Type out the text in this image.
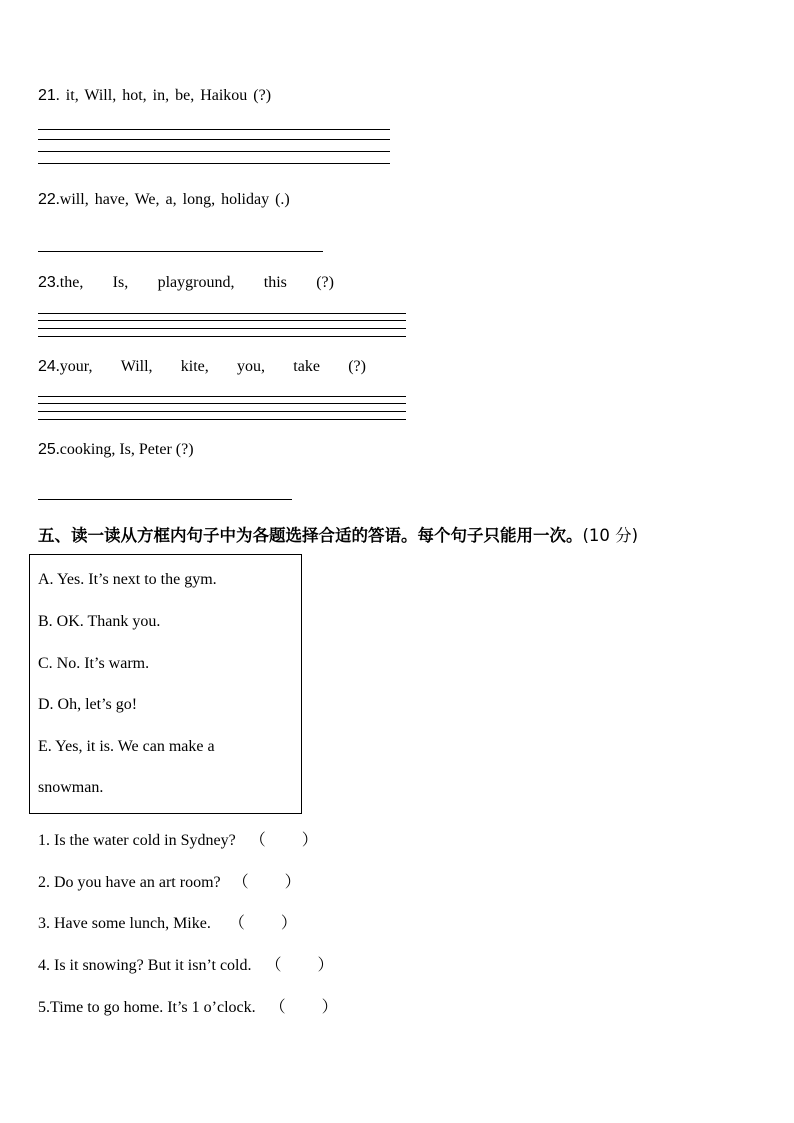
21. it, Will, hot, in, be, Haikou (?)
22.will, have, We, a, long, holiday (.)
23 .the, Is, playground, this (?)
24 .your, Will, kite, you, take (?)
25.cooking, Is, Peter (?)
五、读一读从方框内句子中为各题选择合适的答语。每个句子只能用一次。(10 分)
A. Yes. It’s next to the gym.
B. OK. Thank you.
C. No. It’s warm.
D. Oh, let’s go!
E. Yes, it is. We can make a
snowman.
1. Is the water cold in Sydney? （ ）
2. Do you have an art room? （ ）
3. Have some lunch, Mike. （ ）
4. Is it snowing? But it isn’t cold. （ ）
5.Time to go home. It’s 1 o’clock. （ ）
